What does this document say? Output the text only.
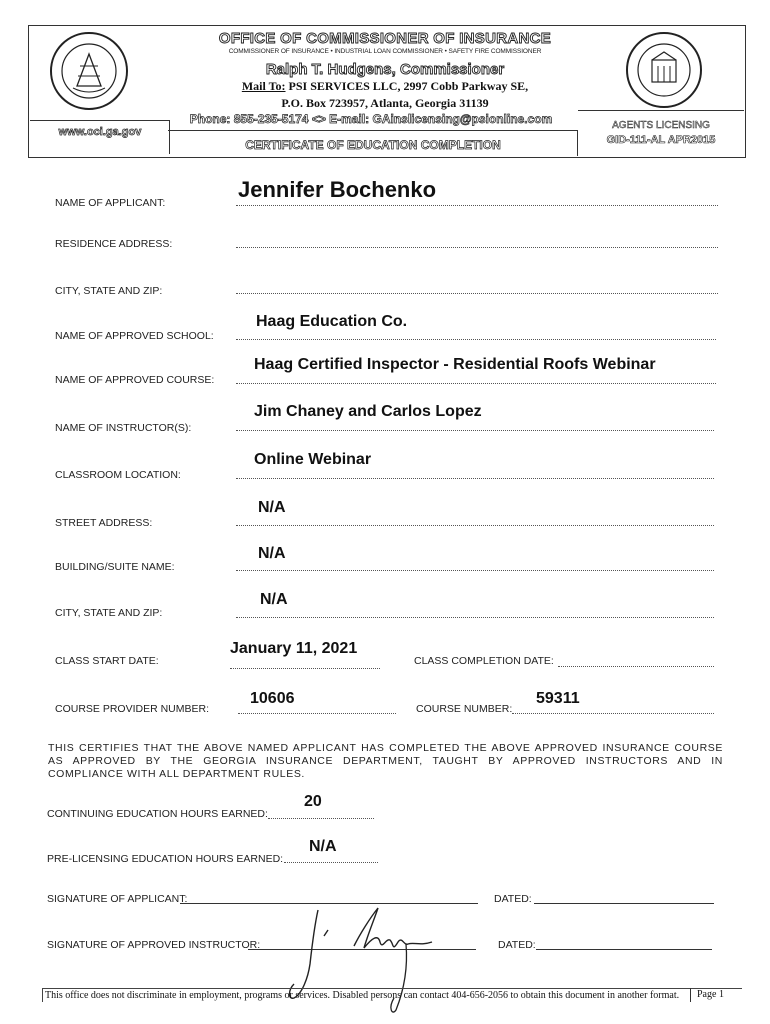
OFFICE OF COMMISSIONER OF INSURANCE
COMMISSIONER OF INSURANCE • INDUSTRIAL LOAN COMMISSIONER • SAFETY FIRE COMMISSIONER
Ralph T. Hudgens, Commissioner
Mail To: PSI SERVICES LLC, 2997 Cobb Parkway SE,
P.O. Box 723957, Atlanta, Georgia 31139
Phone: 855-235-5174 <> E-mail: GAinslicensing@psionline.com
www.oci.ga.gov
CERTIFICATE OF EDUCATION COMPLETION
AGENTS LICENSING
GID-111-AL APR2015
NAME OF APPLICANT:
Jennifer Bochenko
RESIDENCE ADDRESS:
CITY, STATE AND ZIP:
NAME OF APPROVED SCHOOL:
Haag Education Co.
NAME OF APPROVED COURSE:
Haag Certified Inspector - Residential Roofs Webinar
NAME OF INSTRUCTOR(S):
Jim Chaney and Carlos Lopez
CLASSROOM LOCATION:
Online Webinar
STREET ADDRESS:
N/A
BUILDING/SUITE NAME:
N/A
CITY, STATE AND ZIP:
N/A
CLASS START DATE:
January 11, 2021
CLASS COMPLETION DATE:
COURSE PROVIDER NUMBER:
10606
COURSE NUMBER:
59311
THIS CERTIFIES THAT THE ABOVE NAMED APPLICANT HAS COMPLETED THE ABOVE APPROVED INSURANCE COURSE AS APPROVED BY THE GEORGIA INSURANCE DEPARTMENT, TAUGHT BY APPROVED INSTRUCTORS AND IN COMPLIANCE WITH ALL DEPARTMENT RULES.
CONTINUING EDUCATION HOURS EARNED:
20
PRE-LICENSING EDUCATION HOURS EARNED:
N/A
SIGNATURE OF APPLICANT:	DATED:
SIGNATURE OF APPROVED INSTRUCTOR:	DATED:
This office does not discriminate in employment, programs or services. Disabled persons can contact 404-656-2056 to obtain this document in another format.	Page 1
